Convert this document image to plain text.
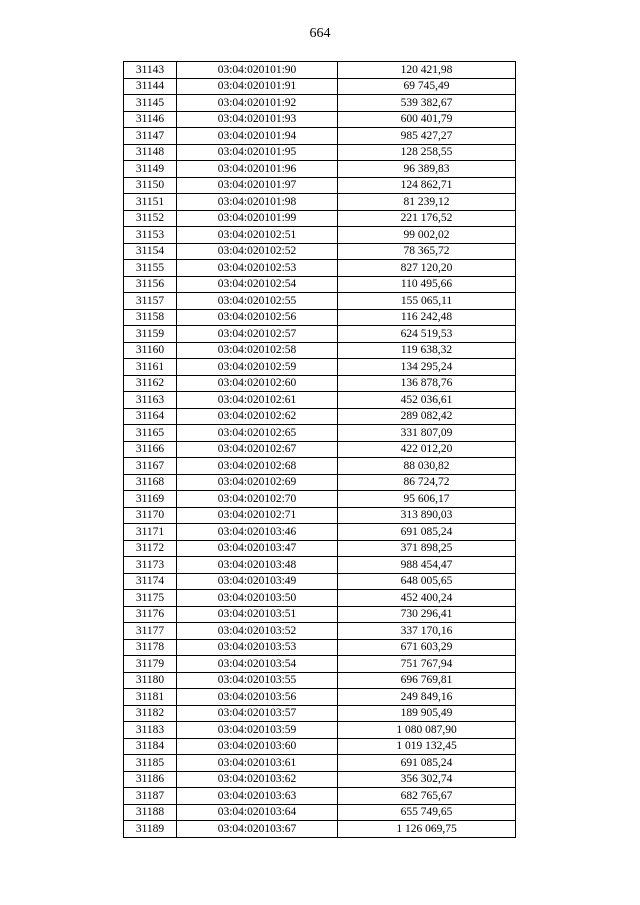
664
31143	03:04:020101:90	120 421,98
31144	03:04:020101:91	69 745,49
31145	03:04:020101:92	539 382,67
31146	03:04:020101:93	600 401,79
31147	03:04:020101:94	985 427,27
31148	03:04:020101:95	128 258,55
31149	03:04:020101:96	96 389,83
31150	03:04:020101:97	124 862,71
31151	03:04:020101:98	81 239,12
31152	03:04:020101:99	221 176,52
31153	03:04:020102:51	99 002,02
31154	03:04:020102:52	78 365,72
31155	03:04:020102:53	827 120,20
31156	03:04:020102:54	110 495,66
31157	03:04:020102:55	155 065,11
31158	03:04:020102:56	116 242,48
31159	03:04:020102:57	624 519,53
31160	03:04:020102:58	119 638,32
31161	03:04:020102:59	134 295,24
31162	03:04:020102:60	136 878,76
31163	03:04:020102:61	452 036,61
31164	03:04:020102:62	289 082,42
31165	03:04:020102:65	331 807,09
31166	03:04:020102:67	422 012,20
31167	03:04:020102:68	88 030,82
31168	03:04:020102:69	86 724,72
31169	03:04:020102:70	95 606,17
31170	03:04:020102:71	313 890,03
31171	03:04:020103:46	691 085,24
31172	03:04:020103:47	371 898,25
31173	03:04:020103:48	988 454,47
31174	03:04:020103:49	648 005,65
31175	03:04:020103:50	452 400,24
31176	03:04:020103:51	730 296,41
31177	03:04:020103:52	337 170,16
31178	03:04:020103:53	671 603,29
31179	03:04:020103:54	751 767,94
31180	03:04:020103:55	696 769,81
31181	03:04:020103:56	249 849,16
31182	03:04:020103:57	189 905,49
31183	03:04:020103:59	1 080 087,90
31184	03:04:020103:60	1 019 132,45
31185	03:04:020103:61	691 085,24
31186	03:04:020103:62	356 302,74
31187	03:04:020103:63	682 765,67
31188	03:04:020103:64	655 749,65
31189	03:04:020103:67	1 126 069,75
